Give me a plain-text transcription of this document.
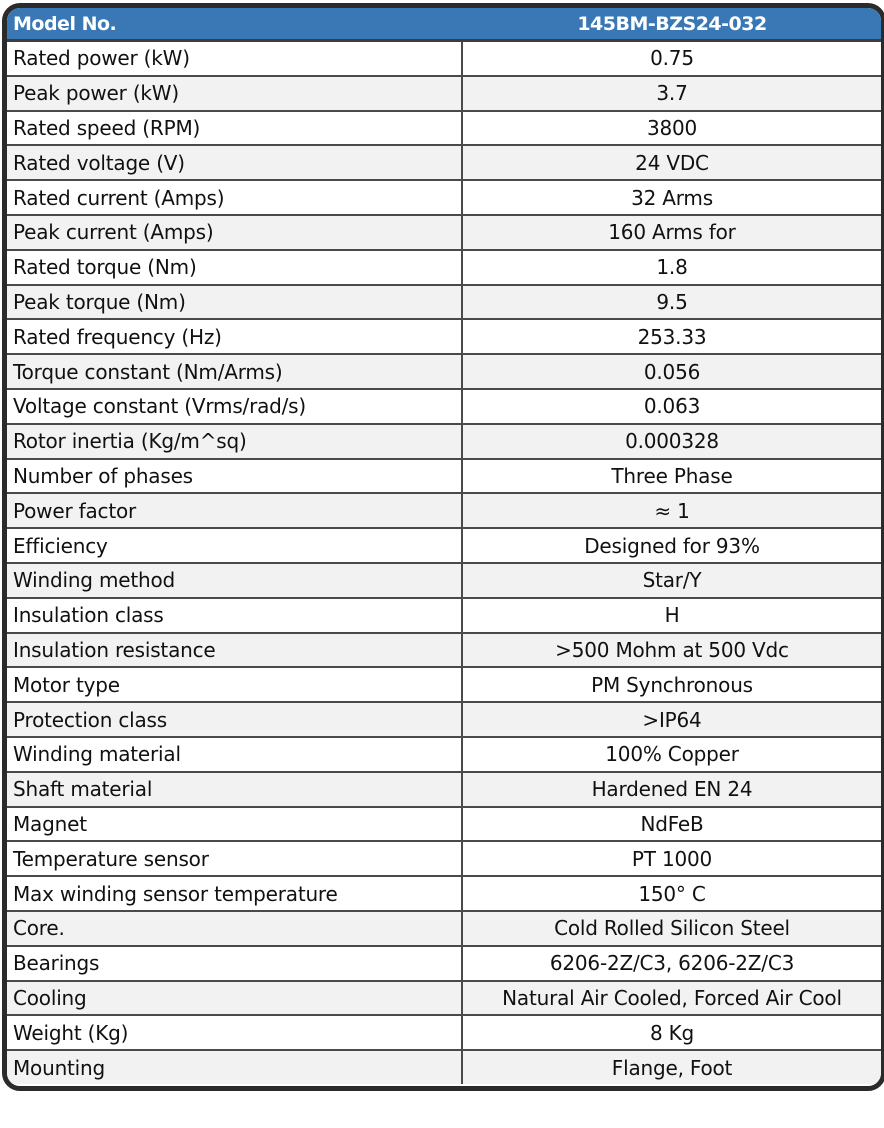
Model No.	145BM-BZS24-032
Rated power (kW)	0.75
Peak power (kW)	3.7
Rated speed (RPM)	3800
Rated voltage (V)	24 VDC
Rated current (Amps)	32 Arms
Peak current (Amps)	160 Arms for
Rated torque (Nm)	1.8
Peak torque (Nm)	9.5
Rated frequency (Hz)	253.33
Torque constant (Nm/Arms)	0.056
Voltage constant (Vrms/rad/s)	0.063
Rotor inertia (Kg/m^sq)	0.000328
Number of phases	Three Phase
Power factor	≈ 1
Efficiency	Designed for 93%
Winding method	Star/Y
Insulation class	H
Insulation resistance	>500 Mohm at 500 Vdc
Motor type	PM Synchronous
Protection class	>IP64
Winding material	100% Copper
Shaft material	Hardened EN 24
Magnet	NdFeB
Temperature sensor	PT 1000
Max winding sensor temperature	150° C
Core.	Cold Rolled Silicon Steel
Bearings	6206-2Z/C3, 6206-2Z/C3
Cooling	Natural Air Cooled, Forced Air Cool
Weight (Kg)	8 Kg
Mounting	Flange, Foot
